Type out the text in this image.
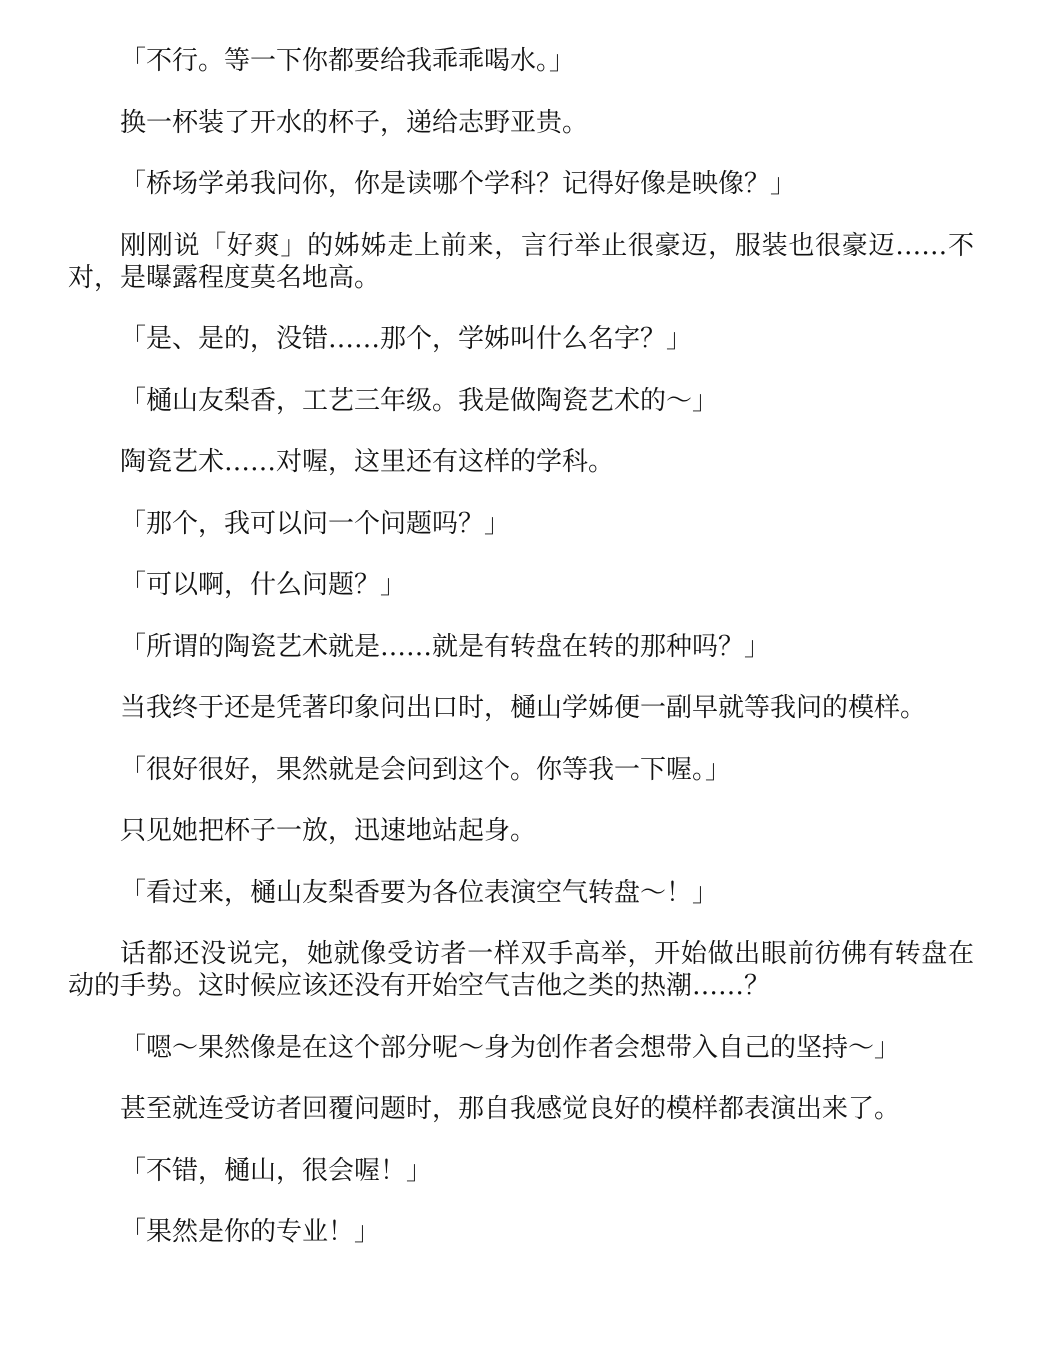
「不行。等一下你都要给我乖乖喝水。」

换一杯装了开水的杯子，递给志野亚贵。

「桥场学弟我问你，你是读哪个学科？记得好像是映像？」

刚刚说「好爽」的姊姊走上前来，言行举止很豪迈，服装也很豪迈……不对，是曝露程度莫名地高。

「是、是的，没错……那个，学姊叫什么名字？」

「樋山友梨香，工艺三年级。我是做陶瓷艺术的～」

陶瓷艺术……对喔，这里还有这样的学科。

「那个，我可以问一个问题吗？」

「可以啊，什么问题？」

「所谓的陶瓷艺术就是……就是有转盘在转的那种吗？」

当我终于还是凭著印象问出口时，樋山学姊便一副早就等我问的模样。

「很好很好，果然就是会问到这个。你等我一下喔。」

只见她把杯子一放，迅速地站起身。

「看过来，樋山友梨香要为各位表演空气转盘～！」

话都还没说完，她就像受访者一样双手高举，开始做出眼前彷佛有转盘在动的手势。这时候应该还没有开始空气吉他之类的热潮……？

「嗯～果然像是在这个部分呢～身为创作者会想带入自己的坚持～」

甚至就连受访者回覆问题时，那自我感觉良好的模样都表演出来了。

「不错，樋山，很会喔！」

「果然是你的专业！」
